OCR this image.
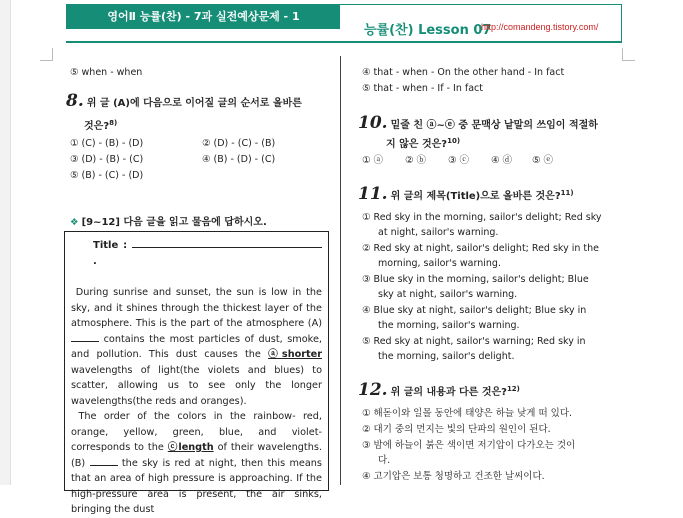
영어Ⅱ 능률(찬) - 7과 실전예상문제 - 1
능률(찬) Lesson 07
http://comandeng.tistory.com/
⑤ when - when
8. 위 글 (A)에 다음으로 이어질 글의 순서로 올바른
것은?$^{8)}$
① (C) - (B) - (D)	② (D) - (C) - (B)
③ (D) - (B) - (C)	④ (B) - (D) - (C)
⑤ (B) - (C) - (D)
❖ [9~12] 다음 글을 읽고 물음에 답하시오.
Title : .

During sunrise and sunset, the sun is low in the sky, and it shines through the thickest layer of the atmosphere. This is the part of the atmosphere (A)  contains the most particles of dust, smoke, and pollution. This dust causes the ⓐshorter wavelengths of light(the violets and blues) to scatter, allowing us to see only the longer wavelengths(the reds and oranges).

The order of the colors in the rainbow- red, orange, yellow, green, blue, and violet- corresponds to the ⓒlength of their wavelengths. (B)	the sky is red at night, then this means that an area of high pressure is approaching. If the high-pressure area is present, the air sinks, bringing the dust

④ that - when - On the other hand - In fact
⑤ that - when - If - In fact
10. 밑줄 친 ⓐ~ⓔ 중 문맥상 낱말의 쓰임이 적절하
지 않은 것은?$^{10)}$
① ⓐ ② ⓑ ③ ⓒ ④ ⓓ ⑤ ⓔ
11. 위 글의 제목(Title)으로 올바른 것은?$^{11)}$
① Red sky in the morning, sailor's delight; Red sky
at night, sailor's warning.
② Red sky at night, sailor's delight; Red sky in the
morning, sailor's warning.
③ Blue sky in the morning, sailor's delight; Blue
sky at night, sailor's warning.
④ Blue sky at night, sailor's delight; Blue sky in
the morning, sailor's warning.
⑤ Red sky at night, sailor's warning; Red sky in
the morning, sailor's delight.
12. 위 글의 내용과 다른 것은?$^{12)}$
① 해돋이와 일몰 동안에 태양은 하늘 낮게 떠 있다.
② 대기 중의 먼지는 빛의 단파의 원인이 된다.
③ 밤에 하늘이 붉은 색이면 저기압이 다가오는 것이
다.
④ 고기압은 보통 청명하고 건조한 날씨이다.
